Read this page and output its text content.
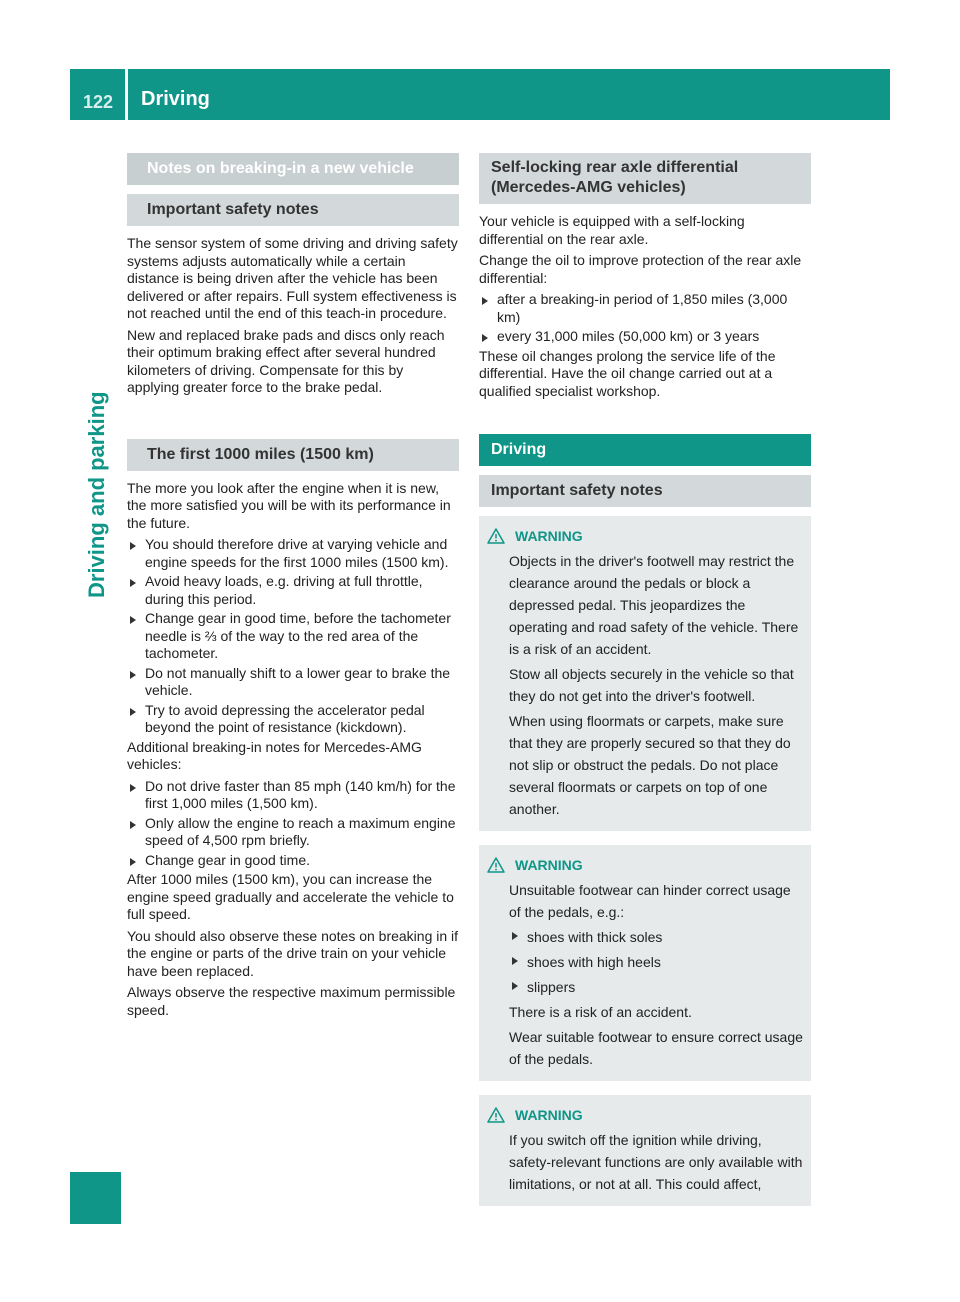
122 Driving
Driving and parking
Notes on breaking-in a new vehicle
Important safety notes

The sensor system of some driving and driving safety systems adjusts automatically while a certain distance is being driven after the vehicle has been delivered or after repairs. Full system effectiveness is not reached until the end of this teach-in procedure.

New and replaced brake pads and discs only reach their optimum braking effect after several hundred kilometers of driving. Compensate for this by applying greater force to the brake pedal.

The first 1000 miles (1500 km)

The more you look after the engine when it is new, the more satisfied you will be with its performance in the future.

You should therefore drive at varying vehicle and engine speeds for the first 1000 miles (1500 km).
Avoid heavy loads, e.g. driving at full throttle, during this period.
Change gear in good time, before the tachometer needle is ⅔ of the way to the red area of the tachometer.
Do not manually shift to a lower gear to brake the vehicle.
Try to avoid depressing the accelerator pedal beyond the point of resistance (kickdown).

Additional breaking-in notes for Mercedes-AMG vehicles:

Do not drive faster than 85 mph (140 km/h) for the first 1,000 miles (1,500 km).
Only allow the engine to reach a maximum engine speed of 4,500 rpm briefly.
Change gear in good time.

After 1000 miles (1500 km), you can increase the engine speed gradually and accelerate the vehicle to full speed.

You should also observe these notes on breaking in if the engine or parts of the drive train on your vehicle have been replaced.

Always observe the respective maximum permissible speed.

Self-locking rear axle differential (Mercedes-AMG vehicles)

Your vehicle is equipped with a self-locking differential on the rear axle.

Change the oil to improve protection of the rear axle differential:

after a breaking-in period of 1,850 miles (3,000 km)
every 31,000 miles (50,000 km) or 3 years

These oil changes prolong the service life of the differential. Have the oil change carried out at a qualified specialist workshop.

Driving
Important safety notes
WARNING

Objects in the driver's footwell may restrict the clearance around the pedals or block a depressed pedal. This jeopardizes the operating and road safety of the vehicle. There is a risk of an accident.

Stow all objects securely in the vehicle so that they do not get into the driver's footwell.

When using floormats or carpets, make sure that they are properly secured so that they do not slip or obstruct the pedals. Do not place several floormats or carpets on top of one another.

WARNING

Unsuitable footwear can hinder correct usage of the pedals, e.g.:

shoes with thick soles
shoes with high heels
slippers

There is a risk of an accident.

Wear suitable footwear to ensure correct usage of the pedals.

WARNING

If you switch off the ignition while driving, safety-relevant functions are only available with limitations, or not at all. This could affect,
